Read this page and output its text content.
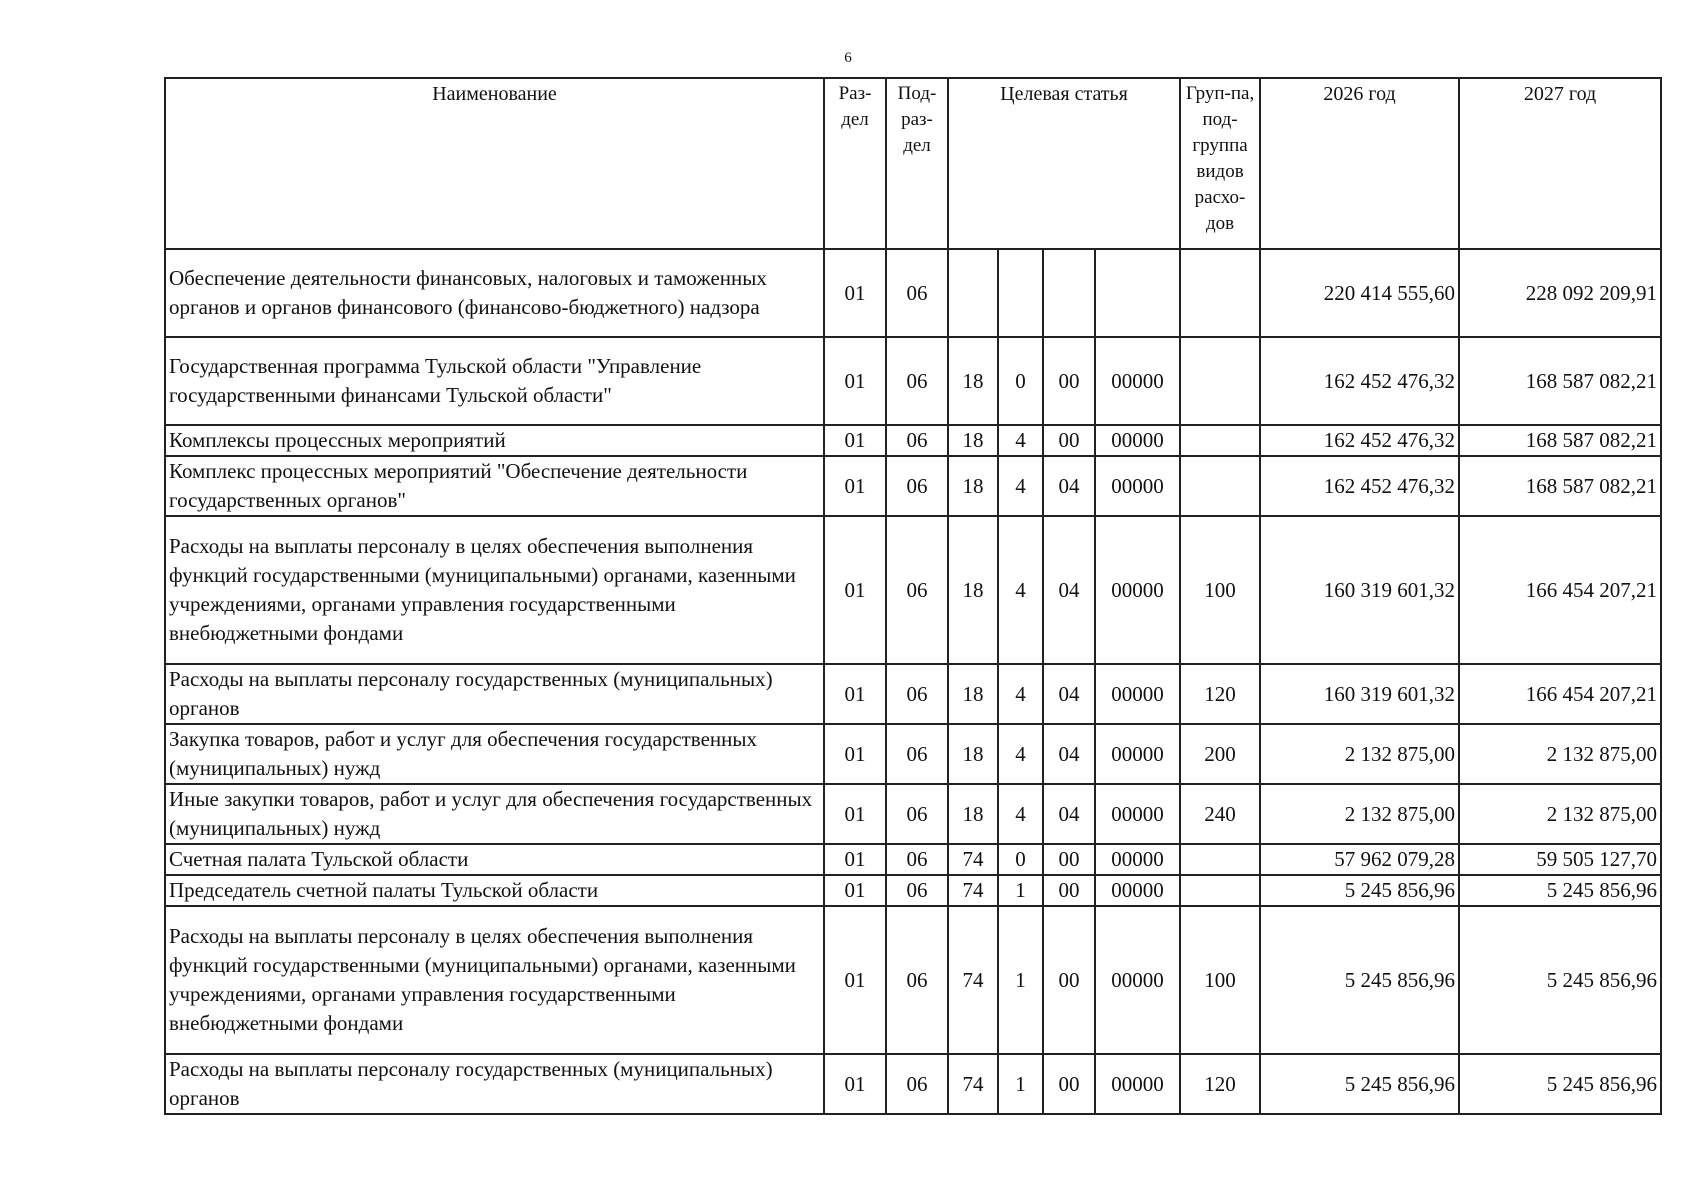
6
Наименование	Раз-дел	Под-раз-дел	Целевая статья				Груп-па, под-группа видов расхо-дов	2026 год	2027 год
Обеспечение деятельности финансовых, налоговых и таможенных органов и органов финансового (финансово-бюджетного) надзора	01	06						220 414 555,60	228 092 209,91
Государственная программа Тульской области "Управление государственными финансами Тульской области"	01	06	18	0	00	00000		162 452 476,32	168 587 082,21
Комплексы процессных мероприятий	01	06	18	4	00	00000		162 452 476,32	168 587 082,21
Комплекс процессных мероприятий "Обеспечение деятельности государственных органов"	01	06	18	4	04	00000		162 452 476,32	168 587 082,21
Расходы на выплаты персоналу в целях обеспечения выполнения функций государственными (муниципальными) органами, казенными учреждениями, органами управления государственными внебюджетными фондами	01	06	18	4	04	00000	100	160 319 601,32	166 454 207,21
Расходы на выплаты персоналу государственных (муниципальных) органов	01	06	18	4	04	00000	120	160 319 601,32	166 454 207,21
Закупка товаров, работ и услуг для обеспечения государственных (муниципальных) нужд	01	06	18	4	04	00000	200	2 132 875,00	2 132 875,00
Иные закупки товаров, работ и услуг для обеспечения государственных (муниципальных) нужд	01	06	18	4	04	00000	240	2 132 875,00	2 132 875,00
Счетная палата Тульской области	01	06	74	0	00	00000		57 962 079,28	59 505 127,70
Председатель счетной палаты Тульской области	01	06	74	1	00	00000		5 245 856,96	5 245 856,96
Расходы на выплаты персоналу в целях обеспечения выполнения функций государственными (муниципальными) органами, казенными учреждениями, органами управления государственными внебюджетными фондами	01	06	74	1	00	00000	100	5 245 856,96	5 245 856,96
Расходы на выплаты персоналу государственных (муниципальных) органов	01	06	74	1	00	00000	120	5 245 856,96	5 245 856,96
